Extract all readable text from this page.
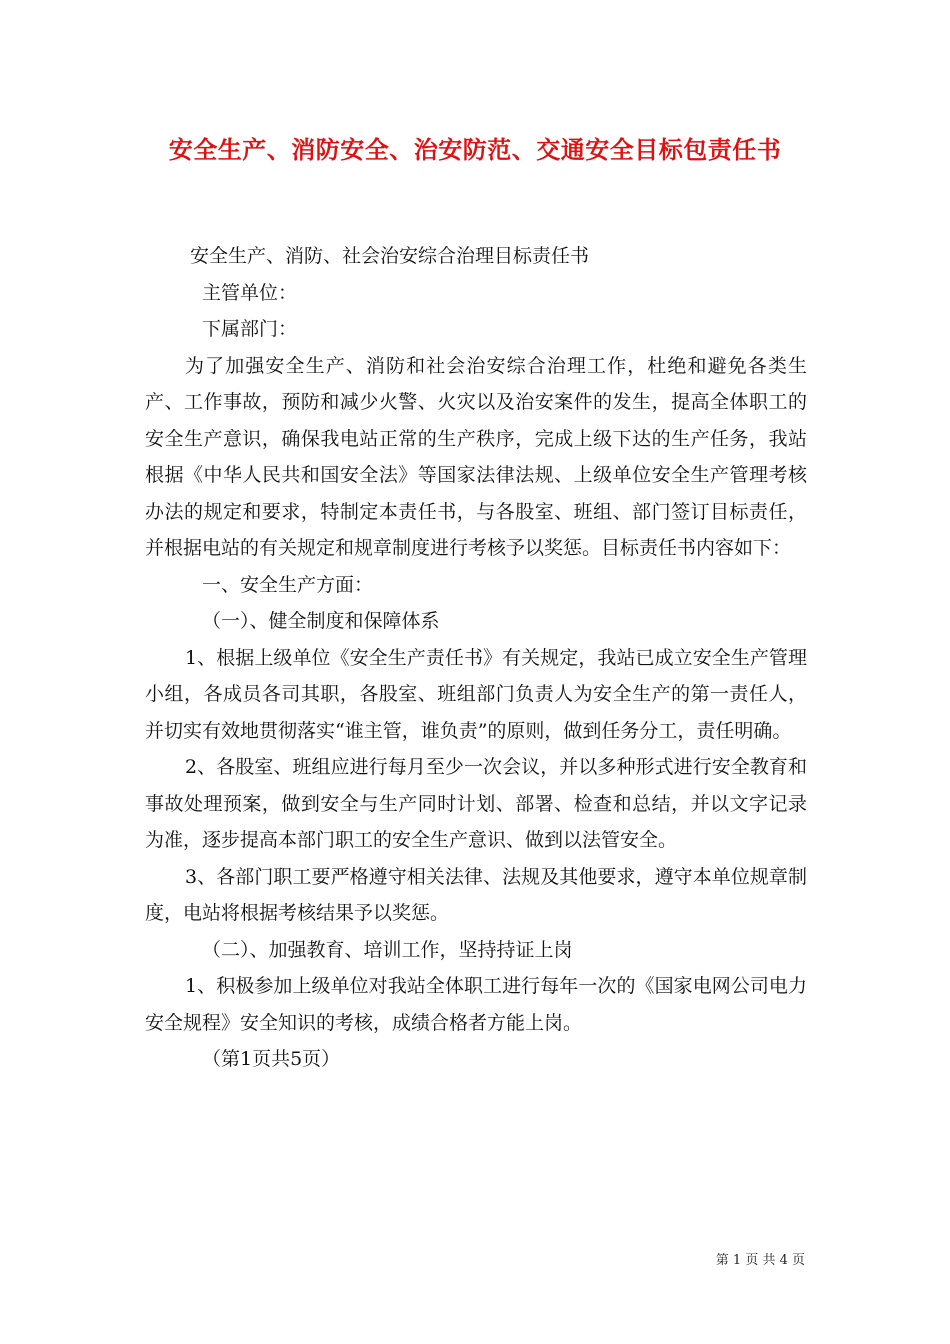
安全生产、消防安全、治安防范、交通安全目标包责任书

安全生产、消防、社会治安综合治理目标责任书

主管单位：

下属部门：

为了加强安全生产、消防和社会治安综合治理工作，杜绝和避免各类生产、工作事故，预防和减少火警、火灾以及治安案件的发生，提高全体职工的安全生产意识，确保我电站正常的生产秩序，完成上级下达的生产任务，我站根据《中华人民共和国安全法》等国家法律法规、上级单位安全生产管理考核办法的规定和要求，特制定本责任书，与各股室、班组、部门签订目标责任，并根据电站的有关规定和规章制度进行考核予以奖惩。目标责任书内容如下：

一、安全生产方面：

（一）、健全制度和保障体系

1、根据上级单位《安全生产责任书》有关规定，我站已成立安全生产管理小组，各成员各司其职，各股室、班组部门负责人为安全生产的第一责任人，并切实有效地贯彻落实“谁主管，谁负责”的原则，做到任务分工，责任明确。

2、各股室、班组应进行每月至少一次会议，并以多种形式进行安全教育和事故处理预案，做到安全与生产同时计划、部署、检查和总结，并以文字记录为准，逐步提高本部门职工的安全生产意识、做到以法管安全。

3、各部门职工要严格遵守相关法律、法规及其他要求，遵守本单位规章制度，电站将根据考核结果予以奖惩。

（二）、加强教育、培训工作，坚持持证上岗

1、积极参加上级单位对我站全体职工进行每年一次的《国家电网公司电力安全规程》安全知识的考核，成绩合格者方能上岗。

（第1页共5页）

第 1 页 共 4 页
